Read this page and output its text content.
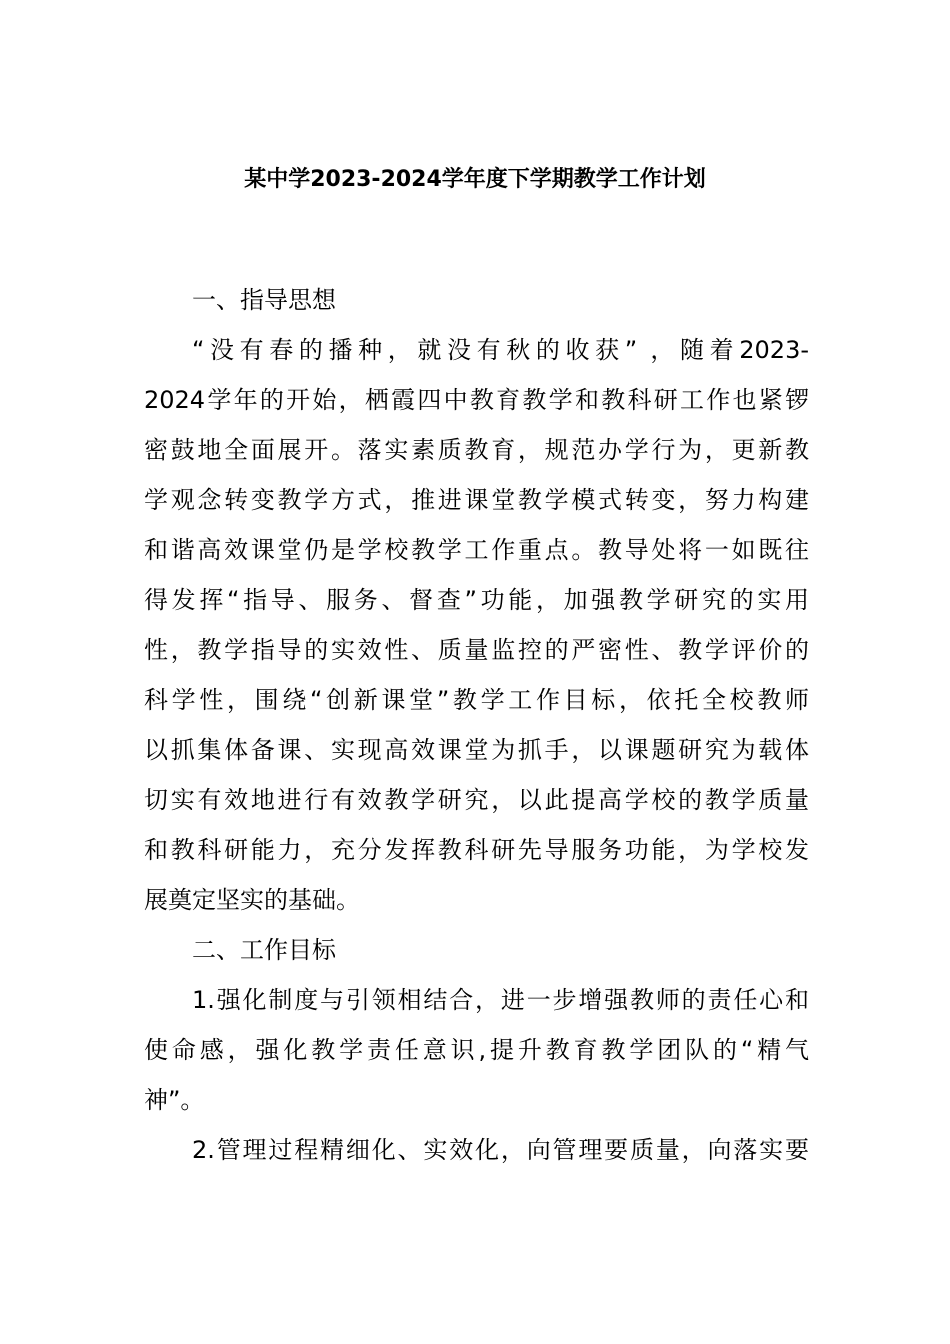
某中学2023-2024学年度下学期教学工作计划
一、指导思想
“没有春的播种，就没有秋的收获” ，随着2023-
2024学年的开始，栖霞四中教育教学和教科研工作也紧锣
密鼓地全面展开。落实素质教育，规范办学行为，更新教
学观念转变教学方式，推进课堂教学模式转变，努力构建
和谐高效课堂仍是学校教学工作重点。教导处将一如既往
得发挥“指导、服务、督查”功能，加强教学研究的实用
性，教学指导的实效性、质量监控的严密性、教学评价的
科学性，围绕“创新课堂”教学工作目标，依托全校教师
以抓集体备课、实现高效课堂为抓手，以课题研究为载体
切实有效地进行有效教学研究，以此提高学校的教学质量
和教科研能力，充分发挥教科研先导服务功能，为学校发
展奠定坚实的基础。
二、工作目标
1.强化制度与引领相结合，进一步增强教师的责任心和
使命感，强化教学责任意识,提升教育教学团队的“精气
神”。
2.管理过程精细化、实效化，向管理要质量，向落实要
